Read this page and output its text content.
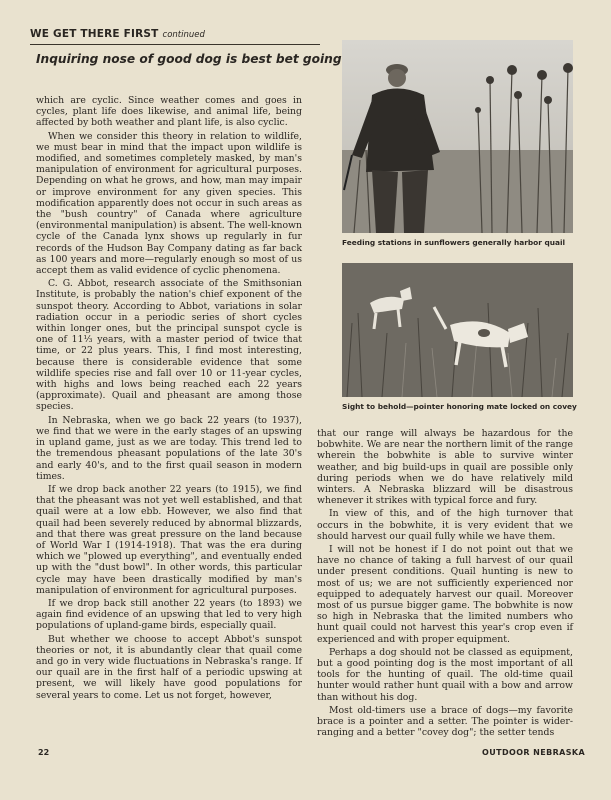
WE GET THERE FIRST continued
Inquiring nose of good dog is best bet going

which are cyclic. Since weather comes and goes in cycles, plant life does likewise, and animal life, being affected by both weather and plant life, is also cyclic.

When we consider this theory in relation to wildlife, we must bear in mind that the impact upon wildlife is modified, and sometimes completely masked, by man's manipulation of environment for agricultural purposes. Depending on what he grows, and how, man may impair or improve environment for any given species. This modification apparently does not occur in such areas as the "bush country" of Canada where agriculture (environmental manipulation) is absent. The well-known cycle of the Canada lynx shows up regularly in fur records of the Hudson Bay Company dating as far back as 100 years and more—regularly enough so most of us accept them as valid evidence of cyclic phenomena.

C. G. Abbot, research associate of the Smithsonian Institute, is probably the nation's chief exponent of the sunspot theory. According to Abbot, variations in solar radiation occur in a periodic series of short cycles within longer ones, but the principal sunspot cycle is one of 11⅓ years, with a master period of twice that time, or 22 plus years. This, I find most interesting, because there is considerable evidence that some wildlife species rise and fall over 10 or 11-year cycles, with highs and lows being reached each 22 years (approximate). Quail and pheasant are among those species.

In Nebraska, when we go back 22 years (to 1937), we find that we were in the early stages of an upswing in upland game, just as we are today. This trend led to the tremendous pheasant populations of the late 30's and early 40's, and to the first quail season in modern times.

If we drop back another 22 years (to 1915), we find that the pheasant was not yet well established, and that quail were at a low ebb. However, we also find that quail had been severely reduced by abnormal blizzards, and that there was great pressure on the land because of World War I (1914-1918). That was the era during which we "plowed up everything", and eventually ended up with the "dust bowl". In other words, this particular cycle may have been drastically modified by man's manipulation of environment for agricultural purposes.

If we drop back still another 22 years (to 1893) we again find evidence of an upswing that led to very high populations of upland-game birds, especially quail.

But whether we choose to accept Abbot's sunspot theories or not, it is abundantly clear that quail come and go in very wide fluctuations in Nebraska's range. If our quail are in the first half of a periodic upswing at present, we will likely have good populations for several years to come. Let us not forget, however,

Feeding stations in sunflowers generally harbor quail
Sight to behold—pointer honoring mate locked on covey

that our range will always be hazardous for the bobwhite. We are near the northern limit of the range wherein the bobwhite is able to survive winter weather, and big build-ups in quail are possible only during periods when we do have relatively mild winters. A Nebraska blizzard will be disastrous whenever it strikes with typical force and fury.

In view of this, and of the high turnover that occurs in the bobwhite, it is very evident that we should harvest our quail fully while we have them.

I will not be honest if I do not point out that we have no chance of taking a full harvest of our quail under present conditions. Quail hunting is new to most of us; we are not sufficiently experienced nor equipped to adequately harvest our quail. Moreover most of us pursue bigger game. The bobwhite is now so high in Nebraska that the limited numbers who hunt quail could not harvest this year's crop even if experienced and with proper equipment.

Perhaps a dog should not be classed as equipment, but a good pointing dog is the most important of all tools for the hunting of quail. The old-time quail hunter would rather hunt quail with a bow and arrow than without his dog.

Most old-timers use a brace of dogs—my favorite brace is a pointer and a setter. The pointer is wider-ranging and a better "covey dog"; the setter tends

22	OUTDOOR NEBRASKA
